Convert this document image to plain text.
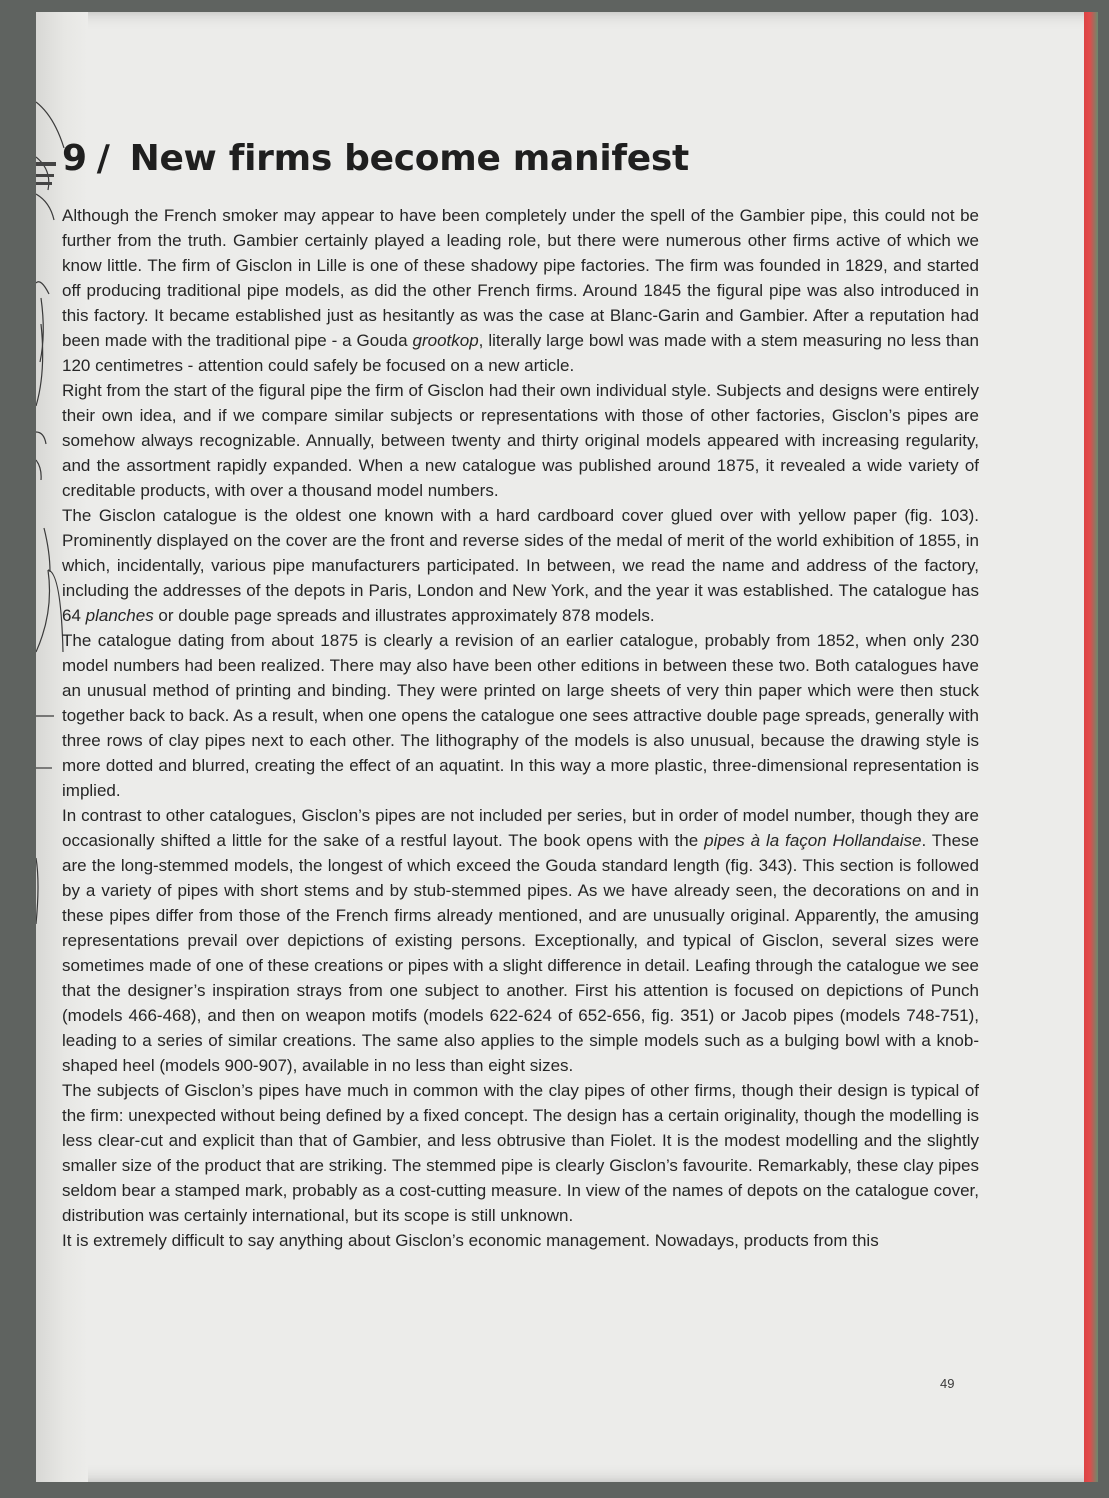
9 / New firms become manifest

Although the French smoker may appear to have been completely under the spell of the Gambier pipe, this could not be further from the truth. Gambier certainly played a leading role, but there were numerous other firms active of which we know little. The firm of Gisclon in Lille is one of these shadowy pipe factories. The firm was founded in 1829, and started off producing traditional pipe models, as did the other French firms. Around 1845 the figural pipe was also introduced in this factory. It became established just as hesitantly as was the case at Blanc-Garin and Gambier. After a reputation had been made with the traditional pipe - a Gouda grootkop, literally large bowl was made with a stem measuring no less than 120 centimetres - attention could safely be focused on a new article.

Right from the start of the figural pipe the firm of Gisclon had their own individual style. Subjects and designs were entirely their own idea, and if we compare similar subjects or representations with those of other factories, Gisclon’s pipes are somehow always recognizable. Annually, between twenty and thirty original models appeared with increasing regularity, and the assortment rapidly expanded. When a new catalogue was published around 1875, it revealed a wide variety of creditable products, with over a thousand model numbers.

The Gisclon catalogue is the oldest one known with a hard cardboard cover glued over with yellow paper (fig. 103). Prominently displayed on the cover are the front and reverse sides of the medal of merit of the world exhibition of 1855, in which, incidentally, various pipe manufacturers participated. In between, we read the name and address of the factory, including the addresses of the depots in Paris, London and New York, and the year it was established. The catalogue has 64 planches or double page spreads and illustrates approximately 878 models.

The catalogue dating from about 1875 is clearly a revision of an earlier catalogue, probably from 1852, when only 230 model numbers had been realized. There may also have been other editions in between these two. Both catalogues have an unusual method of printing and binding. They were printed on large sheets of very thin paper which were then stuck together back to back. As a result, when one opens the catalogue one sees attractive double page spreads, generally with three rows of clay pipes next to each other. The lithography of the models is also unusual, because the drawing style is more dotted and blurred, creating the effect of an aquatint. In this way a more plastic, three-dimensional representation is implied.

In contrast to other catalogues, Gisclon’s pipes are not included per series, but in order of model number, though they are occasionally shifted a little for the sake of a restful layout. The book opens with the pipes à la façon Hollandaise. These are the long-stemmed models, the longest of which exceed the Gouda standard length (fig. 343). This section is followed by a variety of pipes with short stems and by stub-stemmed pipes. As we have already seen, the decorations on and in these pipes differ from those of the French firms already mentioned, and are unusually original. Apparently, the amusing representations prevail over depictions of existing persons. Exceptionally, and typical of Gisclon, several sizes were sometimes made of one of these creations or pipes with a slight difference in detail. Leafing through the catalogue we see that the designer’s inspiration strays from one subject to another. First his attention is focused on depictions of Punch (models 466-468), and then on weapon motifs (models 622-624 of 652-656, fig. 351) or Jacob pipes (models 748-751), leading to a series of similar creations. The same also applies to the simple models such as a bulging bowl with a knob-shaped heel (models 900-907), available in no less than eight sizes.

The subjects of Gisclon’s pipes have much in common with the clay pipes of other firms, though their design is typical of the firm: unexpected without being defined by a fixed concept. The design has a certain originality, though the modelling is less clear-cut and explicit than that of Gambier, and less obtrusive than Fiolet. It is the modest modelling and the slightly smaller size of the product that are striking. The stemmed pipe is clearly Gisclon’s favourite. Remarkably, these clay pipes seldom bear a stamped mark, probably as a cost-cutting measure. In view of the names of depots on the catalogue cover, distribution was certainly international, but its scope is still unknown.

It is extremely difficult to say anything about Gisclon’s economic management. Nowadays, products from this

49
